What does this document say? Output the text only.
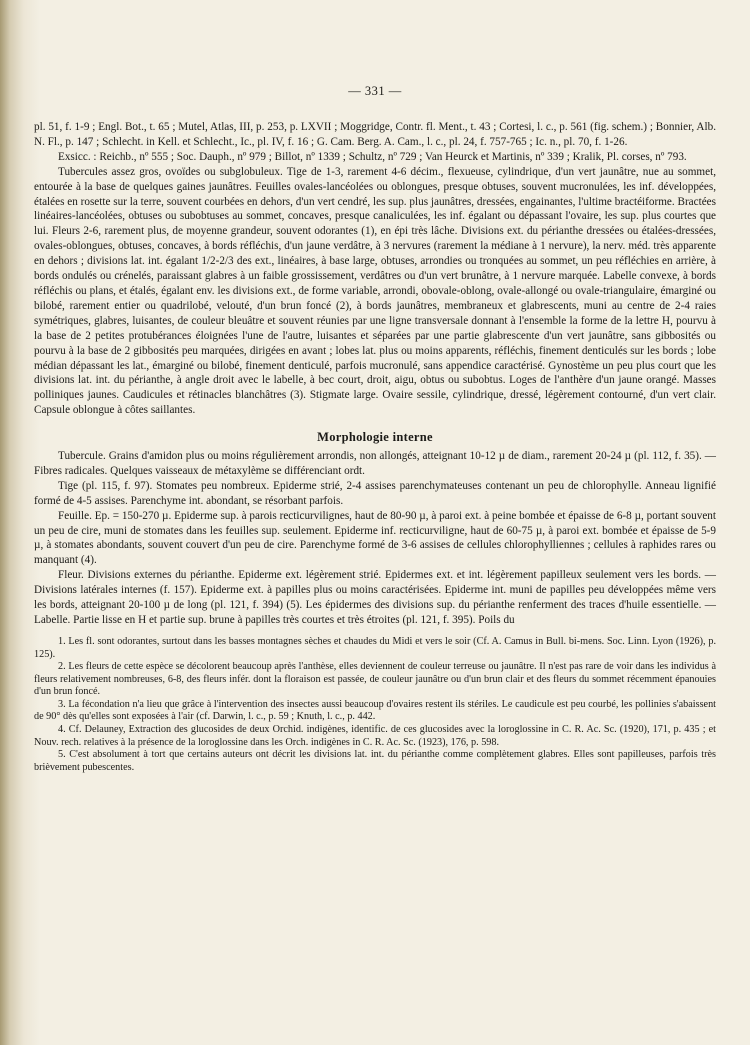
— 331 —

pl. 51, f. 1-9 ; Engl. Bot., t. 65 ; Mutel, Atlas, III, p. 253, p. LXVII ; Moggridge, Contr. fl. Ment., t. 43 ; Cortesi, l. c., p. 561 (fig. schem.) ; Bonnier, Alb. N. Fl., p. 147 ; Schlecht. in Kell. et Schlecht., Ic., pl. IV, f. 16 ; G. Cam. Berg. A. Cam., l. c., pl. 24, f. 757-765 ; Ic. n., pl. 70, f. 1-26.

Exsicc. : Reichb., nº 555 ; Soc. Dauph., nº 979 ; Billot, nº 1339 ; Schultz, nº 729 ; Van Heurck et Martinis, nº 339 ; Kralik, Pl. corses, nº 793.

Tubercules assez gros, ovoïdes ou subglobuleux. Tige de 1-3, rarement 4-6 décim., flexueuse, cylindrique, d'un vert jaunâtre, nue au sommet, entourée à la base de quelques gaines jaunâtres. Feuilles ovales-lancéolées ou oblongues, presque obtuses, souvent mucronulées, les inf. développées, étalées en rosette sur la terre, souvent courbées en dehors, d'un vert cendré, les sup. plus jaunâtres, dressées, engainantes, l'ultime bractéiforme. Bractées linéaires-lancéolées, obtuses ou subobtuses au sommet, concaves, presque canaliculées, les inf. égalant ou dépassant l'ovaire, les sup. plus courtes que lui. Fleurs 2-6, rarement plus, de moyenne grandeur, souvent odorantes (1), en épi très lâche. Divisions ext. du périanthe dressées ou étalées-dressées, ovales-oblongues, obtuses, concaves, à bords réfléchis, d'un jaune verdâtre, à 3 nervures (rarement la médiane à 1 nervure), la nerv. méd. très apparente en dehors ; divisions lat. int. égalant 1/2-2/3 des ext., linéaires, à base large, obtuses, arrondies ou tronquées au sommet, un peu réfléchies en arrière, à bords ondulés ou crénelés, paraissant glabres à un faible grossissement, verdâtres ou d'un vert brunâtre, à 1 nervure marquée. Labelle convexe, à bords réfléchis ou plans, et étalés, égalant env. les divisions ext., de forme variable, arrondi, obovale-oblong, ovale-allongé ou ovale-triangulaire, émarginé ou bilobé, rarement entier ou quadrilobé, velouté, d'un brun foncé (2), à bords jaunâtres, membraneux et glabrescents, muni au centre de 2-4 raies symétriques, glabres, luisantes, de couleur bleuâtre et souvent réunies par une ligne transversale donnant à l'ensemble la forme de la lettre H, pourvu à la base de 2 petites protubérances éloignées l'une de l'autre, luisantes et séparées par une partie glabrescente d'un vert jaunâtre, sans gibbosités ou pourvu à la base de 2 gibbosités peu marquées, dirigées en avant ; lobes lat. plus ou moins apparents, réfléchis, finement denticulés sur les bords ; lobe médian dépassant les lat., émarginé ou bilobé, finement denticulé, parfois mucronulé, sans appendice caractérisé. Gynostème un peu plus court que les divisions lat. int. du périanthe, à angle droit avec le labelle, à bec court, droit, aigu, obtus ou subobtus. Loges de l'anthère d'un jaune orangé. Masses polliniques jaunes. Caudicules et rétinacles blanchâtres (3). Stigmate large. Ovaire sessile, cylindrique, dressé, légèrement contourné, d'un vert clair. Capsule oblongue à côtes saillantes.

Morphologie interne

Tubercule. Grains d'amidon plus ou moins régulièrement arrondis, non allongés, atteignant 10-12 µ de diam., rarement 20-24 µ (pl. 112, f. 35). — Fibres radicales. Quelques vaisseaux de métaxylème se différenciant ordt.

Tige (pl. 115, f. 97). Stomates peu nombreux. Epiderme strié, 2-4 assises parenchymateuses contenant un peu de chlorophylle. Anneau lignifié formé de 4-5 assises. Parenchyme int. abondant, se résorbant parfois.

Feuille. Ep. = 150-270 µ. Epiderme sup. à parois recticurvilignes, haut de 80-90 µ, à paroi ext. à peine bombée et épaisse de 6-8 µ, portant souvent un peu de cire, muni de stomates dans les feuilles sup. seulement. Epiderme inf. recticurviligne, haut de 60-75 µ, à paroi ext. bombée et épaisse de 5-9 µ, à stomates abondants, souvent couvert d'un peu de cire. Parenchyme formé de 3-6 assises de cellules chlorophylliennes ; cellules à raphides rares ou manquant (4).

Fleur. Divisions externes du périanthe. Epiderme ext. légèrement strié. Epidermes ext. et int. légèrement papilleux seulement vers les bords. — Divisions latérales internes (f. 157). Epiderme ext. à papilles plus ou moins caractérisées. Epiderme int. muni de papilles peu développées même vers les bords, atteignant 20-100 µ de long (pl. 121, f. 394) (5). Les épidermes des divisions sup. du périanthe renferment des traces d'huile essentielle. — Labelle. Partie lisse en H et partie sup. brune à papilles très courtes et très étroites (pl. 121, f. 395). Poils du

1. Les fl. sont odorantes, surtout dans les basses montagnes sèches et chaudes du Midi et vers le soir (Cf. A. Camus in Bull. bi-mens. Soc. Linn. Lyon (1926), p. 125).

2. Les fleurs de cette espèce se décolorent beaucoup après l'anthèse, elles deviennent de couleur terreuse ou jaunâtre. Il n'est pas rare de voir dans les individus à fleurs relativement nombreuses, 6-8, des fleurs infér. dont la floraison est passée, de couleur jaunâtre ou d'un brun clair et des fleurs du sommet récemment épanouies d'un brun foncé.

3. La fécondation n'a lieu que grâce à l'intervention des insectes aussi beaucoup d'ovaires restent ils stériles. Le caudicule est peu courbé, les pollinies s'abaissent de 90° dès qu'elles sont exposées à l'air (cf. Darwin, l. c., p. 59 ; Knuth, l. c., p. 442.

4. Cf. Delauney, Extraction des glucosides de deux Orchid. indigènes, identific. de ces glucosides avec la loroglossine in C. R. Ac. Sc. (1920), 171, p. 435 ; et Nouv. rech. relatives à la présence de la loroglossine dans les Orch. indigènes in C. R. Ac. Sc. (1923), 176, p. 598.

5. C'est absolument à tort que certains auteurs ont décrit les divisions lat. int. du périanthe comme complètement glabres. Elles sont papilleuses, parfois très brièvement pubescentes.
